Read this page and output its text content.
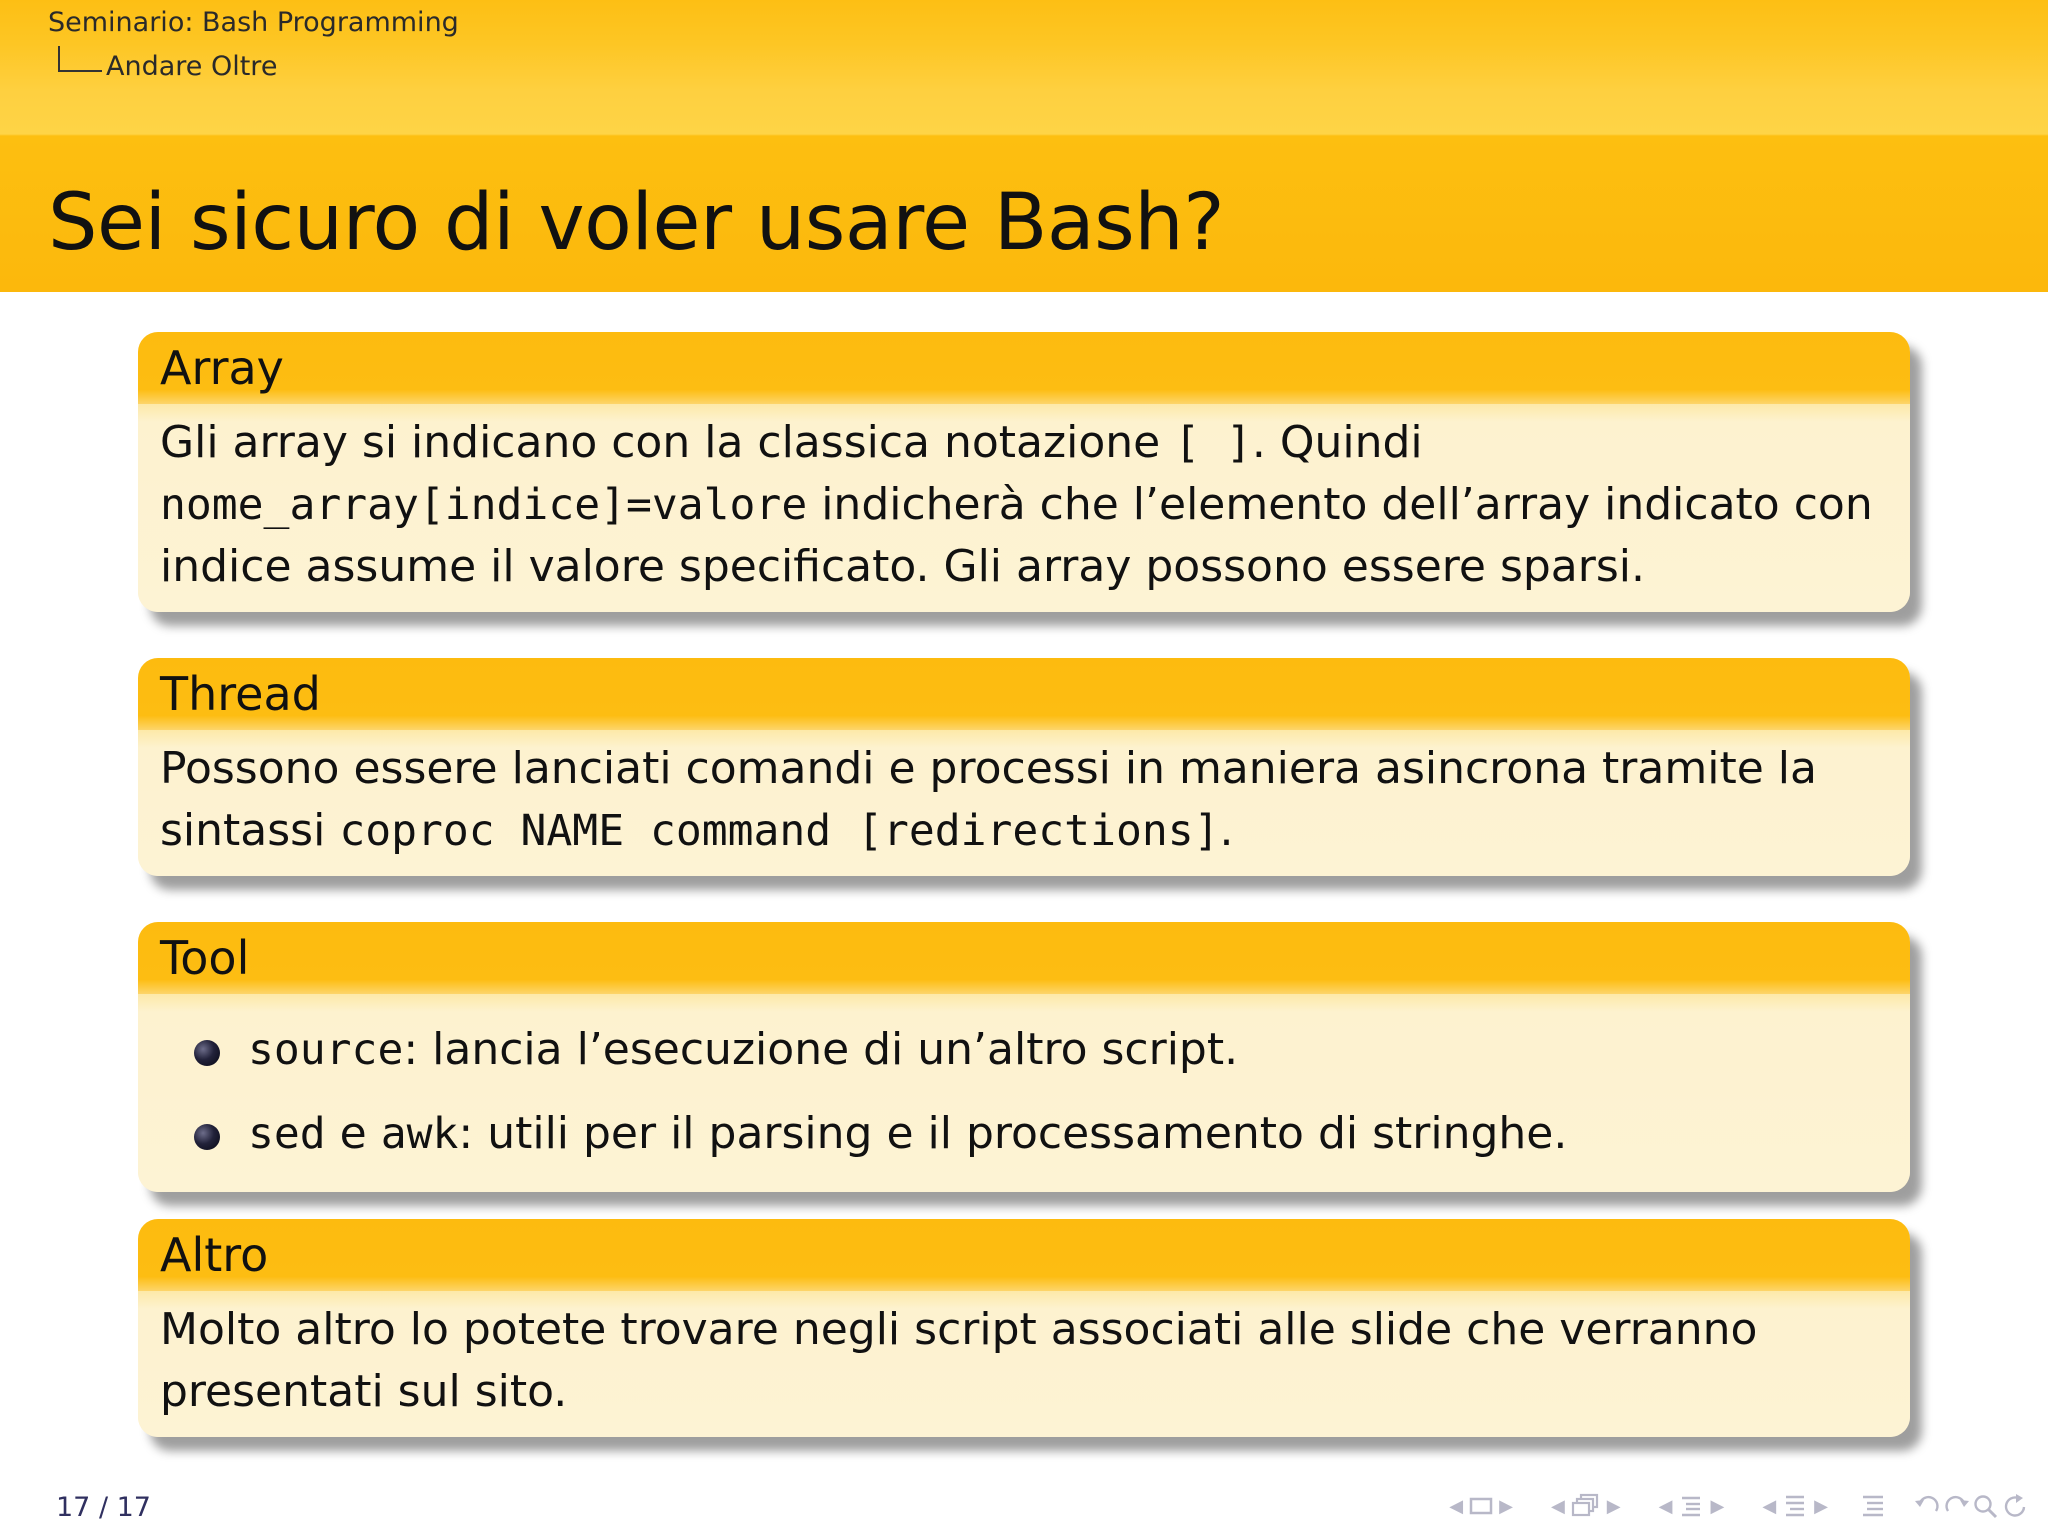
Seminario: Bash Programming
Andare Oltre
Sei sicuro di voler usare Bash?
Array
Gli array si indicano con la classica notazione [ ]. Quindi
nome_array[indice]=valore indicherà che l’elemento dell’array indicato con indice assume il valore specificato. Gli array possono essere sparsi.
Thread
Possono essere lanciati comandi e processi in maniera asincrona tramite la sintassi coproc NAME command [redirections].
Tool
source: lancia l’esecuzione di un’altro script.
sed e awk: utili per il parsing e il processamento di stringhe.
Altro
Molto altro lo potete trovare negli script associati alle slide che verranno presentati sul sito.
17 / 17	◀ ▶ ◀ ▶ ◀ ▶ ◀ ▶
